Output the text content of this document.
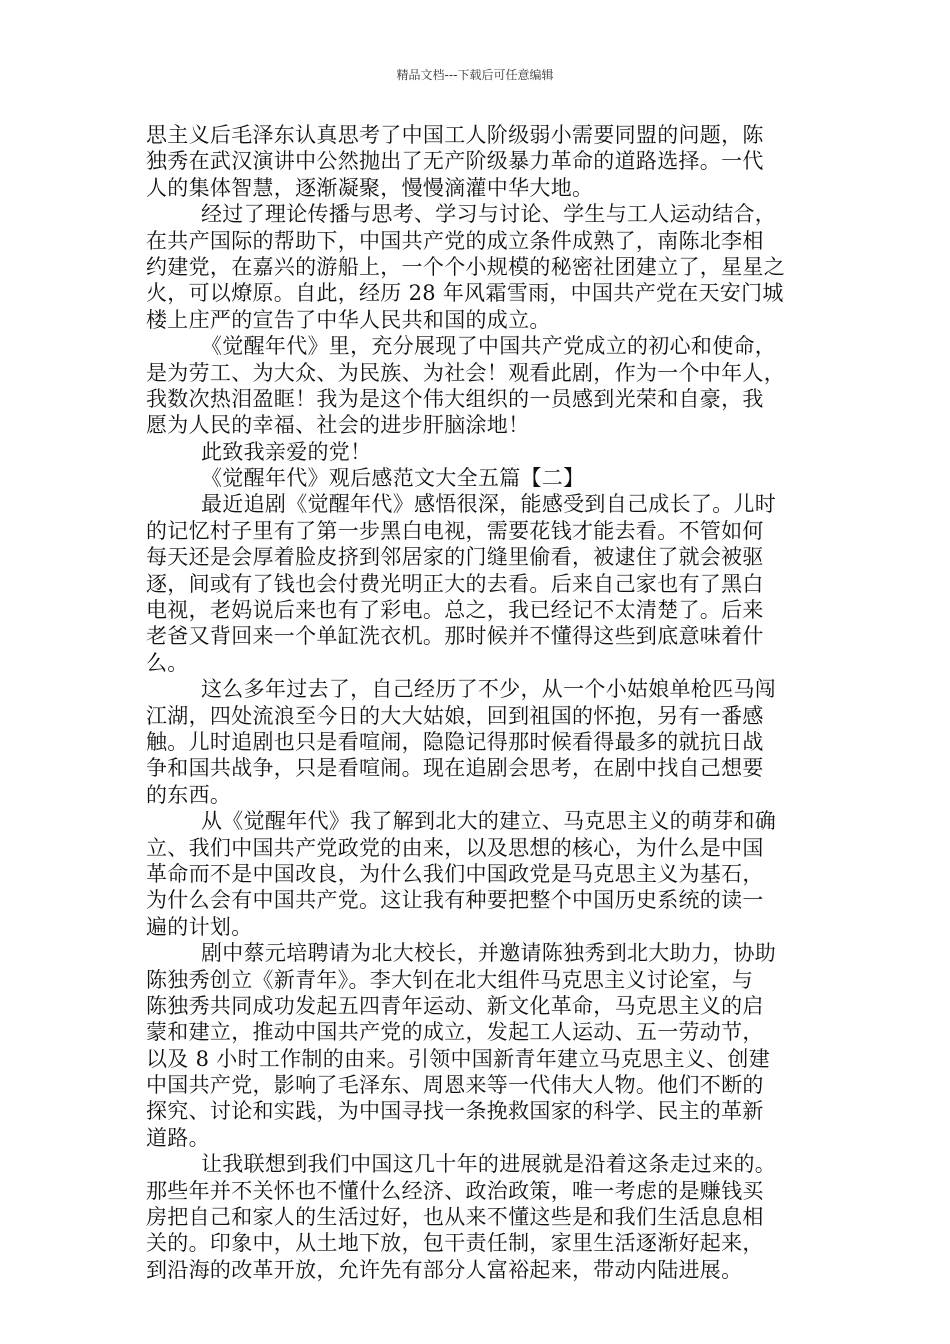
精品文档---下载后可任意编辑
思主义后毛泽东认真思考了中国工人阶级弱小需要同盟的问题，陈
独秀在武汉演讲中公然抛出了无产阶级暴力革命的道路选择。一代
人的集体智慧，逐渐凝聚，慢慢滴灌中华大地。
经过了理论传播与思考、学习与讨论、学生与工人运动结合，
在共产国际的帮助下，中国共产党的成立条件成熟了，南陈北李相
约建党，在嘉兴的游船上，一个个小规模的秘密社团建立了，星星之
火，可以燎原。自此，经历 28 年风霜雪雨，中国共产党在天安门城
楼上庄严的宣告了中华人民共和国的成立。
《觉醒年代》里，充分展现了中国共产党成立的初心和使命，
是为劳工、为大众、为民族、为社会！观看此剧，作为一个中年人，
我数次热泪盈眶！我为是这个伟大组织的一员感到光荣和自豪，我
愿为人民的幸福、社会的进步肝脑涂地！
此致我亲爱的党！
《觉醒年代》观后感范文大全五篇【二】
最近追剧《觉醒年代》感悟很深，能感受到自己成长了。儿时
的记忆村子里有了第一步黑白电视，需要花钱才能去看。不管如何
每天还是会厚着脸皮挤到邻居家的门缝里偷看，被逮住了就会被驱
逐，间或有了钱也会付费光明正大的去看。后来自己家也有了黑白
电视，老妈说后来也有了彩电。总之，我已经记不太清楚了。后来
老爸又背回来一个单缸洗衣机。那时候并不懂得这些到底意味着什
么。
这么多年过去了，自己经历了不少，从一个小姑娘单枪匹马闯
江湖，四处流浪至今日的大大姑娘，回到祖国的怀抱，另有一番感
触。儿时追剧也只是看喧闹，隐隐记得那时候看得最多的就抗日战
争和国共战争，只是看喧闹。现在追剧会思考，在剧中找自己想要
的东西。
从《觉醒年代》我了解到北大的建立、马克思主义的萌芽和确
立、我们中国共产党政党的由来，以及思想的核心，为什么是中国
革命而不是中国改良，为什么我们中国政党是马克思主义为基石，
为什么会有中国共产党。这让我有种要把整个中国历史系统的读一
遍的计划。
剧中蔡元培聘请为北大校长，并邀请陈独秀到北大助力，协助
陈独秀创立《新青年》。李大钊在北大组件马克思主义讨论室，与
陈独秀共同成功发起五四青年运动、新文化革命，马克思主义的启
蒙和建立，推动中国共产党的成立，发起工人运动、五一劳动节，
以及 8 小时工作制的由来。引领中国新青年建立马克思主义、创建
中国共产党，影响了毛泽东、周恩来等一代伟大人物。他们不断的
探究、讨论和实践，为中国寻找一条挽救国家的科学、民主的革新
道路。
让我联想到我们中国这几十年的进展就是沿着这条走过来的。
那些年并不关怀也不懂什么经济、政治政策，唯一考虑的是赚钱买
房把自己和家人的生活过好，也从来不懂这些是和我们生活息息相
关的。印象中，从土地下放，包干责任制，家里生活逐渐好起来，
到沿海的改革开放，允许先有部分人富裕起来，带动内陆进展。
